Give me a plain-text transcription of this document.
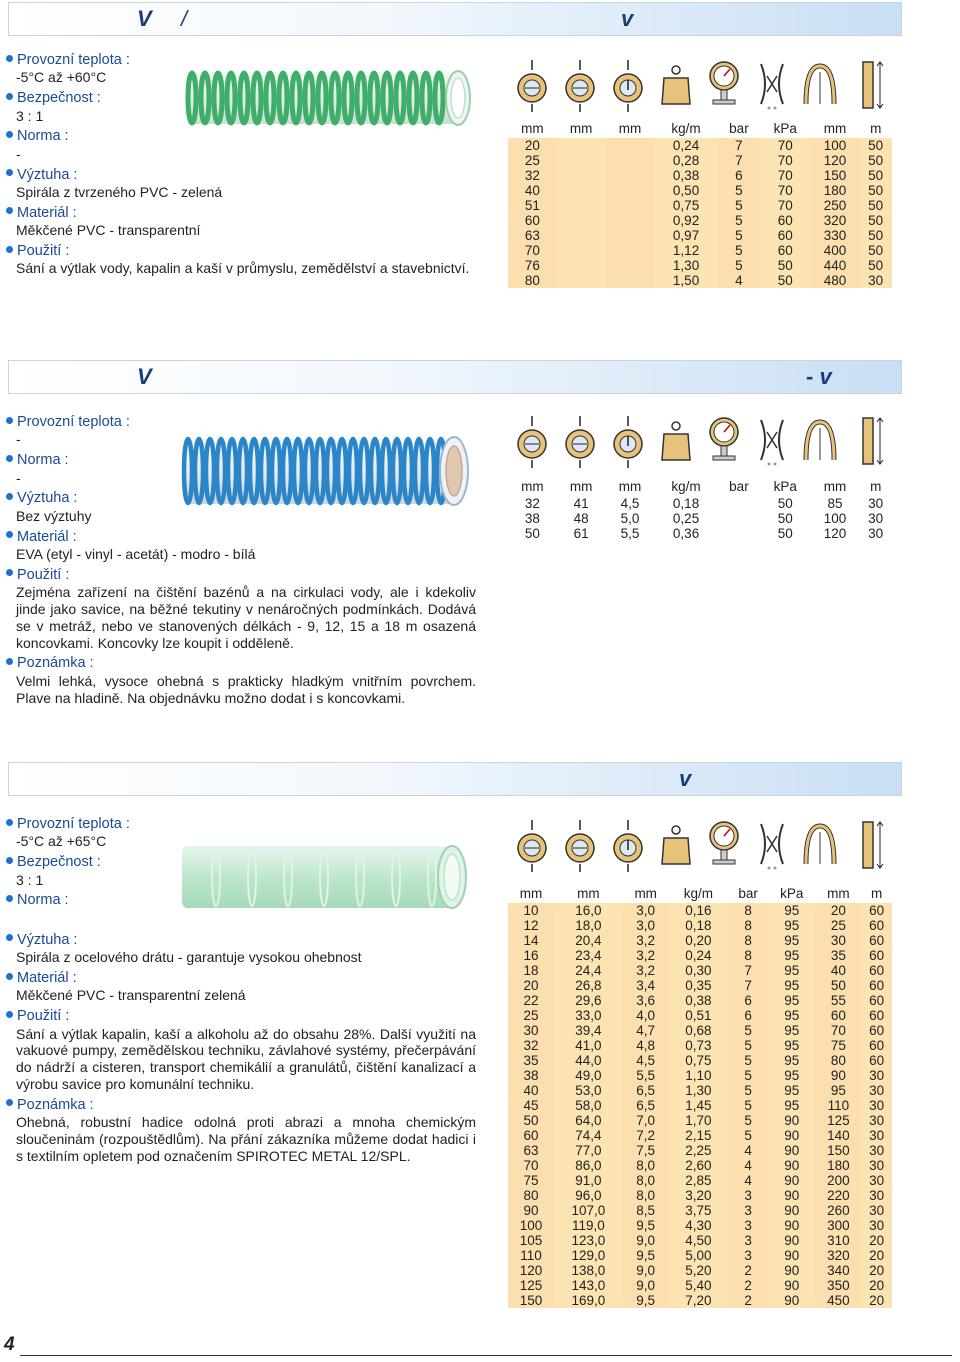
V /	v
Provozní teplota :
-5°C až +60°C
Bezpečnost :
3 : 1
Norma :
-
Výztuha :
Spirála z tvrzeného PVC - zelená
Materiál :
Měkčené PVC - transparentní
Použití :
Sání a výtlak vody, kapalin a kaší v průmyslu, zemědělství a stavebnictví.
mm	mm	mm	kg/m	bar	kPa	mm	m
20			0,24	7	70	100	50
25			0,28	7	70	120	50
32			0,38	6	70	150	50
40			0,50	5	70	180	50
51			0,75	5	70	250	50
60			0,92	5	60	320	50
63			0,97	5	60	330	50
70			1,12	5	60	400	50
76			1,30	5	50	440	50
80			1,50	4	50	480	30
V	- v
Provozní teplota :
-
Norma :
-
Výztuha :
Bez výztuhy
Materiál :
EVA (etyl - vinyl - acetát) - modro - bílá
Použití :
Zejména zařízení na čištění bazénů a na cirkulaci vody, ale i kdekoliv jinde jako savice, na běžné tekutiny v nenáročných podmínkách. Dodává se v metráž, nebo ve stanovených délkách - 9, 12, 15 a 18 m osazená koncovkami. Koncovky lze koupit i odděleně.
Poznámka :
Velmi lehká, vysoce ohebná s prakticky hladkým vnitřním povrchem. Plave na hladině. Na objednávku možno dodat i s koncovkami.
mm	mm	mm	kg/m	bar	kPa	mm	m
32	41	4,5	0,18		50	85	30
38	48	5,0	0,25		50	100	30
50	61	5,5	0,36		50	120	30
v
Provozní teplota :
-5°C až +65°C
Bezpečnost :
3 : 1
Norma :
Výztuha :
Spirála z ocelového drátu - garantuje vysokou ohebnost
Materiál :
Měkčené PVC - transparentní zelená
Použití :
Sání a výtlak kapalin, kaší a alkoholu až do obsahu 28%. Další využití na vakuové pumpy, zemědělskou techniku, závlahové systémy, přečerpávání do nádrží a cisteren, transport chemikálií a granulátů, čištění kanalizací a výrobu savice pro komunální techniku.
Poznámka :
Ohebná, robustní hadice odolná proti abrazi a mnoha chemickým sloučeninám (rozpouštědlům). Na přání zákazníka můžeme dodat hadici i s textilním opletem pod označením SPIROTEC METAL 12/SPL.
mm	mm	mm	kg/m	bar	kPa	mm	m
10	16,0	3,0	0,16	8	95	20	60
12	18,0	3,0	0,18	8	95	25	60
14	20,4	3,2	0,20	8	95	30	60
16	23,4	3,2	0,24	8	95	35	60
18	24,4	3,2	0,30	7	95	40	60
20	26,8	3,4	0,35	7	95	50	60
22	29,6	3,6	0,38	6	95	55	60
25	33,0	4,0	0,51	6	95	60	60
30	39,4	4,7	0,68	5	95	70	60
32	41,0	4,8	0,73	5	95	75	60
35	44,0	4,5	0,75	5	95	80	60
38	49,0	5,5	1,10	5	95	90	30
40	53,0	6,5	1,30	5	95	95	30
45	58,0	6,5	1,45	5	95	110	30
50	64,0	7,0	1,70	5	90	125	30
60	74,4	7,2	2,15	5	90	140	30
63	77,0	7,5	2,25	4	90	150	30
70	86,0	8,0	2,60	4	90	180	30
75	91,0	8,0	2,85	4	90	200	30
80	96,0	8,0	3,20	3	90	220	30
90	107,0	8,5	3,75	3	90	260	30
100	119,0	9,5	4,30	3	90	300	30
105	123,0	9,0	4,50	3	90	310	20
110	129,0	9,5	5,00	3	90	320	20
120	138,0	9,0	5,20	2	90	340	20
125	143,0	9,0	5,40	2	90	350	20
150	169,0	9,5	7,20	2	90	450	20
4
